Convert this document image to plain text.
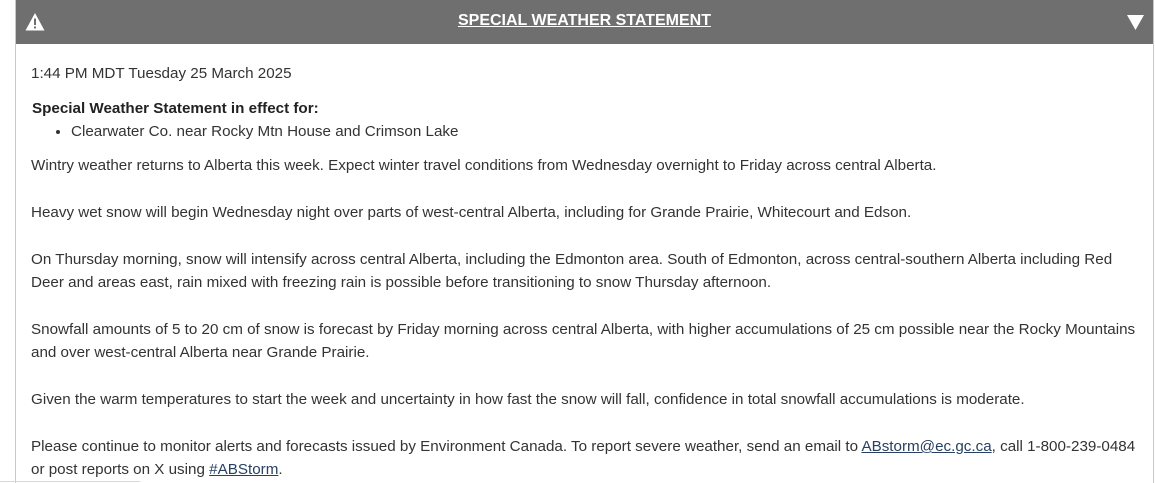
SPECIAL WEATHER STATEMENT

1:44 PM MDT Tuesday 25 March 2025

Special Weather Statement in effect for:

• Clearwater Co. near Rocky Mtn House and Crimson Lake

Wintry weather returns to Alberta this week. Expect winter travel conditions from Wednesday overnight to Friday across central Alberta.

Heavy wet snow will begin Wednesday night over parts of west-central Alberta, including for Grande Prairie, Whitecourt and Edson.

On Thursday morning, snow will intensify across central Alberta, including the Edmonton area. South of Edmonton, across central-southern Alberta including Red Deer and areas east, rain mixed with freezing rain is possible before transitioning to snow Thursday afternoon.

Snowfall amounts of 5 to 20 cm of snow is forecast by Friday morning across central Alberta, with higher accumulations of 25 cm possible near the Rocky Mountains and over west-central Alberta near Grande Prairie.

Given the warm temperatures to start the week and uncertainty in how fast the snow will fall, confidence in total snowfall accumulations is moderate.

Please continue to monitor alerts and forecasts issued by Environment Canada. To report severe weather, send an email to ABstorm@ec.gc.ca, call 1-800-239-0484 or post reports on X using #ABStorm.
